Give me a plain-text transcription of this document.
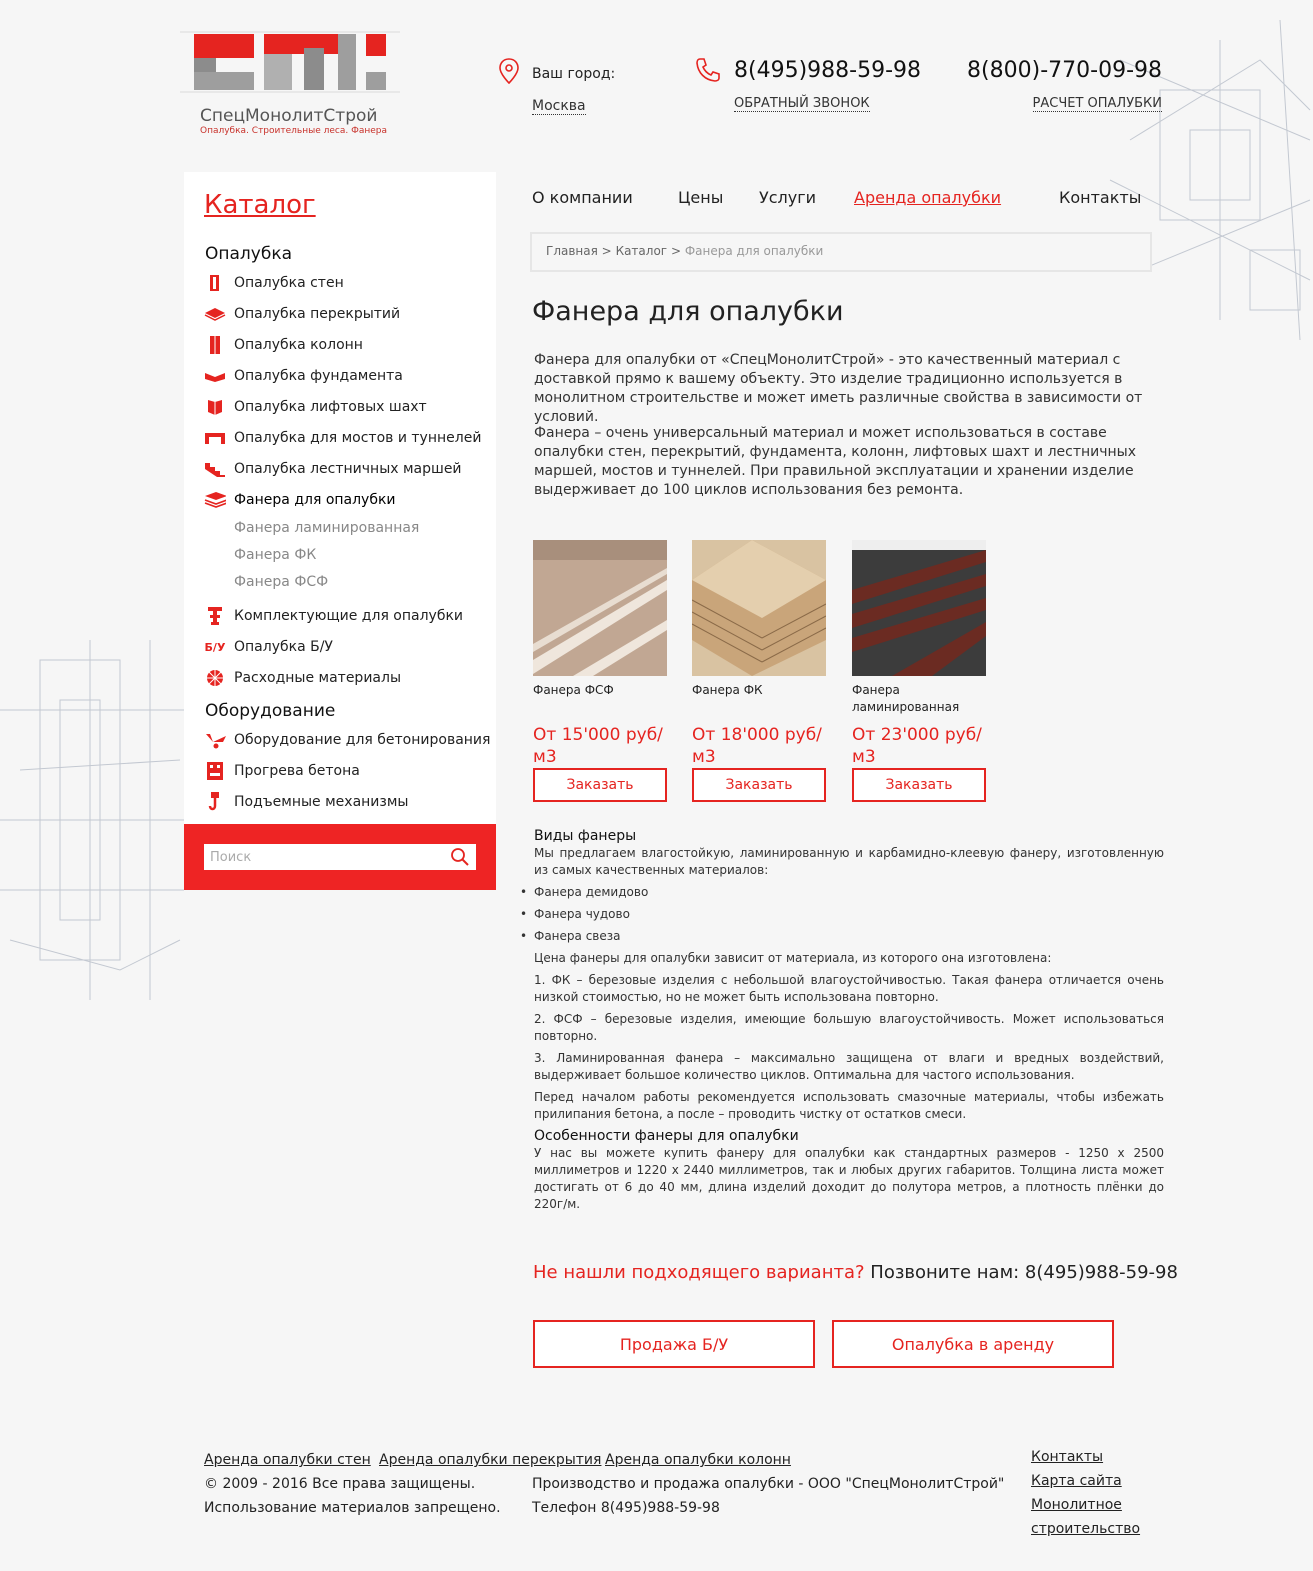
СпецМонолитСтрой
Опалубка. Строительные леса. Фанера
Ваш город:
Москва
8(495)988-59-98
ОБРАТНЫЙ ЗВОНОК
8(800)-770-09-98
РАСЧЕТ ОПАЛУБКИ
Каталог
Опалубка
Опалубка стен
Опалубка перекрытий
Опалубка колонн
Опалубка фундамента
Опалубка лифтовых шахт
Опалубка для мостов и туннелей
Опалубка лестничных маршей
Фанера для опалубки
Фанера ламинированная
Фанера ФК
Фанера ФСФ
Комплектующие для опалубки
Б/У Опалубка Б/У
Расходные материалы
Оборудование
Оборудование для бетонирования
Прогрева бетона
Подъемные механизмы
Поиск
О компании	Цены Услуги Аренда опалубки	Контакты
Главная > Каталог > Фанера для опалубки
Фанера для опалубки

Фанера для опалубки от «СпецМонолитСтрой» - это качественный материал с доставкой прямо к вашему объекту. Это изделие традиционно используется в монолитном строительстве и может иметь различные свойства в зависимости от условий.

Фанера – очень универсальный материал и может использоваться в составе опалубки стен, перекрытий, фундамента, колонн, лифтовых шахт и лестничных маршей, мостов и туннелей. При правильной эксплуатации и хранении изделие выдерживает до 100 циклов использования без ремонта.

Фанера ФСФ
От 15'000 руб/м3
Заказать
Фанера ФК
От 18'000 руб/м3
Заказать
Фанера ламинированная
От 23'000 руб/м3
Заказать
Виды фанеры
Мы предлагаем влагостойкую, ламинированную и карбамидно-клеевую фанеру, изготовленную из самых качественных материалов:
• Фанера демидово
• Фанера чудово
• Фанера свеза

Цена фанеры для опалубки зависит от материала, из которого она изготовлена:

1. ФК – березовые изделия с небольшой влагоустойчивостью. Такая фанера отличается очень низкой стоимостью, но не может быть использована повторно.

2. ФСФ – березовые изделия, имеющие большую влагоустойчивость. Может использоваться повторно.

3. Ламинированная фанера – максимально защищена от влаги и вредных воздействий, выдерживает большое количество циклов. Оптимальна для частого использования.

Перед началом работы рекомендуется использовать смазочные материалы, чтобы избежать прилипания бетона, а после – проводить чистку от остатков смеси.

Особенности фанеры для опалубки
У нас вы можете купить фанеру для опалубки как стандартных размеров - 1250 х 2500 миллиметров и 1220 х 2440 миллиметров, так и любых других габаритов. Толщина листа может достигать от 6 до 40 мм, длина изделий доходит до полутора метров, а плотность плёнки до 220г/м.
Не нашли подходящего варианта? Позвоните нам: 8(495)988-59-98
Продажа Б/У	Опалубка в аренду
Аренда опалубки стен Аренда опалубки перекрытия Аренда опалубки колонн
© 2009 - 2016 Все права защищены.
Использование материалов запрещено.
Производство и продажа опалубки - ООО "СпецМонолитСтрой"
Телефон 8(495)988-59-98
Контакты
Карта сайта
Монолитное
строительство
